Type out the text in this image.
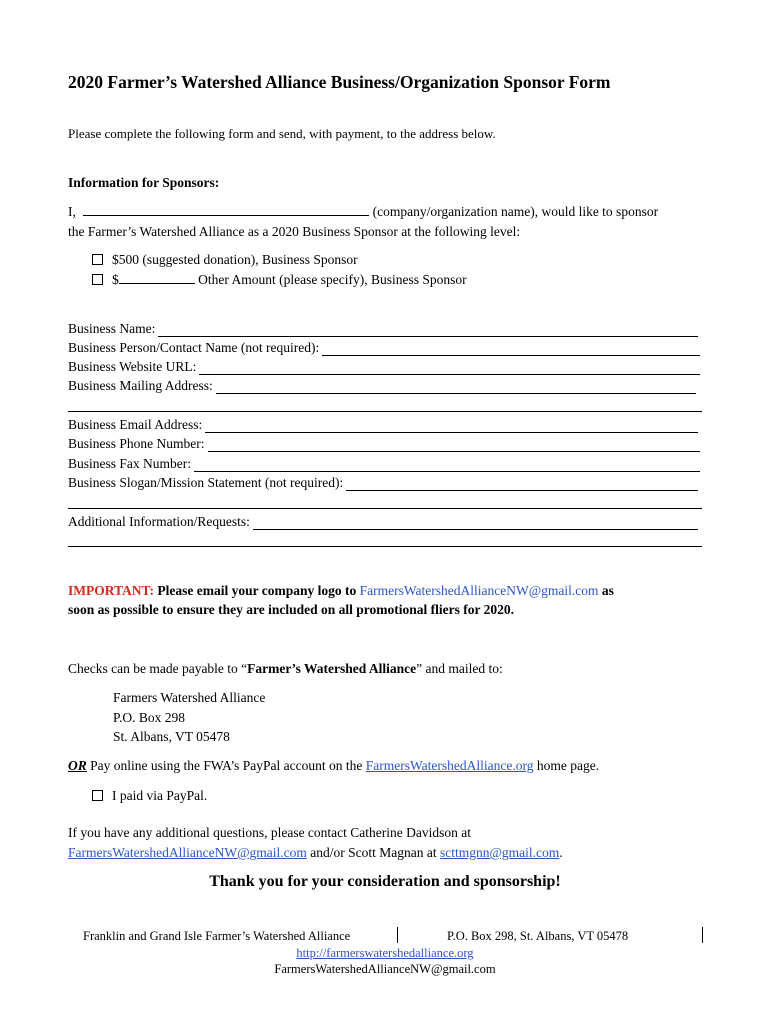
2020 Farmer’s Watershed Alliance Business/Organization Sponsor Form
Please complete the following form and send, with payment, to the address below.
Information for Sponsors:
I,	(company/organization name), would like to sponsor
the Farmer’s Watershed Alliance as a 2020 Business Sponsor at the following level:
$500 (suggested donation), Business Sponsor
$	Other Amount (please specify), Business Sponsor
Business Name:
Business Person/Contact Name (not required):
Business Website URL:
Business Mailing Address:
Business Email Address:
Business Phone Number:
Business Fax Number:
Business Slogan/Mission Statement (not required):
Additional Information/Requests:
IMPORTANT: Please email your company logo to FarmersWatershedAllianceNW@gmail.com as
soon as possible to ensure they are included on all promotional fliers for 2020.
Checks can be made payable to “Farmer’s Watershed Alliance” and mailed to:
Farmers Watershed Alliance
P.O. Box 298
St. Albans, VT 05478
OR Pay online using the FWA’s PayPal account on the FarmersWatershedAlliance.org home page.
I paid via PayPal.
If you have any additional questions, please contact Catherine Davidson at
FarmersWatershedAllianceNW@gmail.com and/or Scott Magnan at scttmgnn@gmail.com.
Thank you for your consideration and sponsorship!
Franklin and Grand Isle Farmer’s Watershed Alliance	P.O. Box 298, St. Albans, VT 05478
http://farmerswatershedalliance.org
FarmersWatershedAllianceNW@gmail.com
